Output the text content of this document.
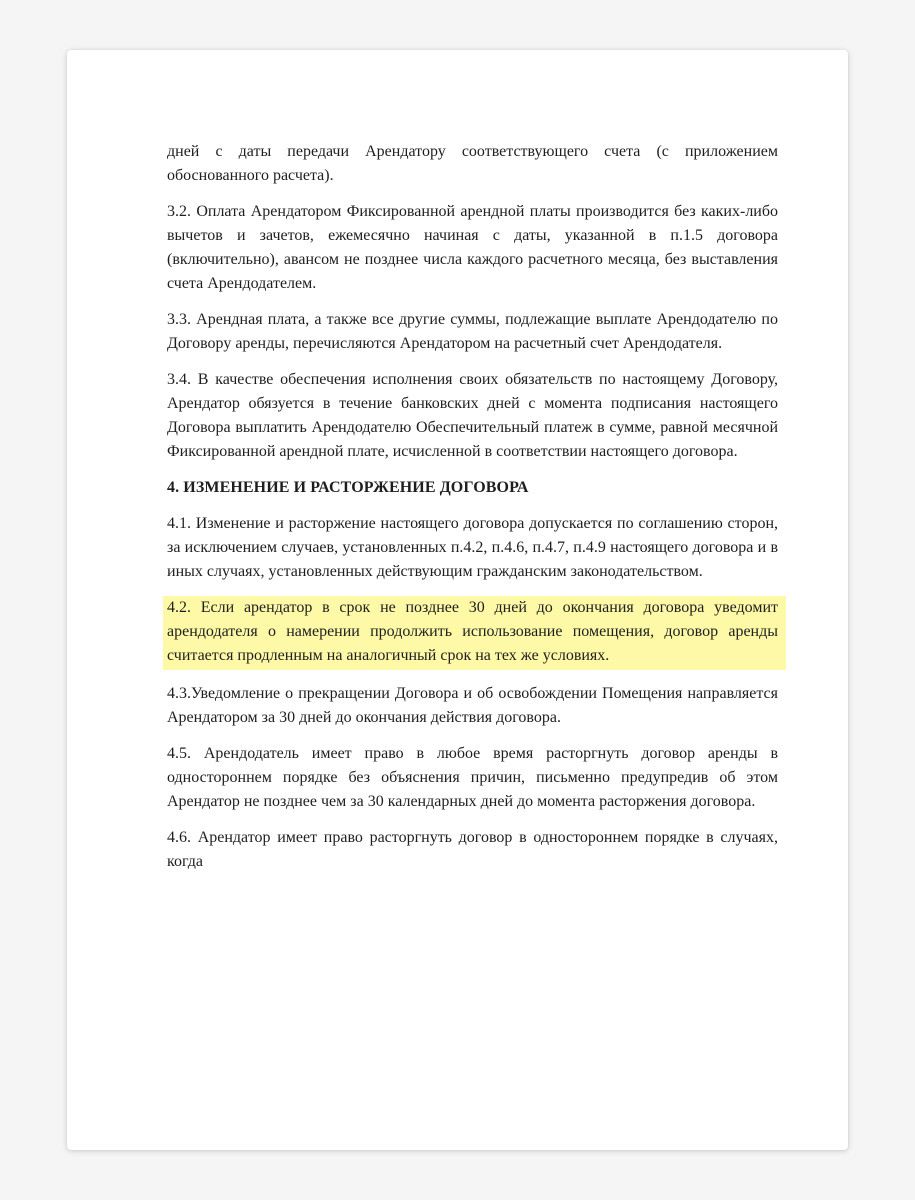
дней с даты передачи Арендатору соответствующего счета (с приложением обоснованного расчета).

3.2. Оплата Арендатором Фиксированной арендной платы производится без каких-либо вычетов и зачетов, ежемесячно начиная с даты, указанной в п.1.5 договора (включительно), авансом не позднее числа каждого расчетного месяца, без выставления счета Арендодателем.

3.3. Арендная плата, а также все другие суммы, подлежащие выплате Арендодателю по Договору аренды, перечисляются Арендатором на расчетный счет Арендодателя.

3.4. В качестве обеспечения исполнения своих обязательств по настоящему Договору, Арендатор обязуется в течение банковских дней с момента подписания настоящего Договора выплатить Арендодателю Обеспечительный платеж в сумме, равной месячной Фиксированной арендной плате, исчисленной в соответствии настоящего договора.

4. ИЗМЕНЕНИЕ И РАСТОРЖЕНИЕ ДОГОВОРА

4.1. Изменение и расторжение настоящего договора допускается по соглашению сторон, за исключением случаев, установленных п.4.2, п.4.6, п.4.7, п.4.9 настоящего договора и в иных случаях, установленных действующим гражданским законодательством.

4.2. Если арендатор в срок не позднее 30 дней до окончания договора уведомит арендодателя о намерении продолжить использование помещения, договор аренды считается продленным на аналогичный срок на тех же условиях.

4.3.Уведомление о прекращении Договора и об освобождении Помещения направляется Арендатором за 30 дней до окончания действия договора.

4.5. Арендодатель имеет право в любое время расторгнуть договор аренды в одностороннем порядке без объяснения причин, письменно предупредив об этом Арендатор не позднее чем за 30 календарных дней до момента расторжения договора.

4.6. Арендатор имеет право расторгнуть договор в одностороннем порядке в случаях, когда
